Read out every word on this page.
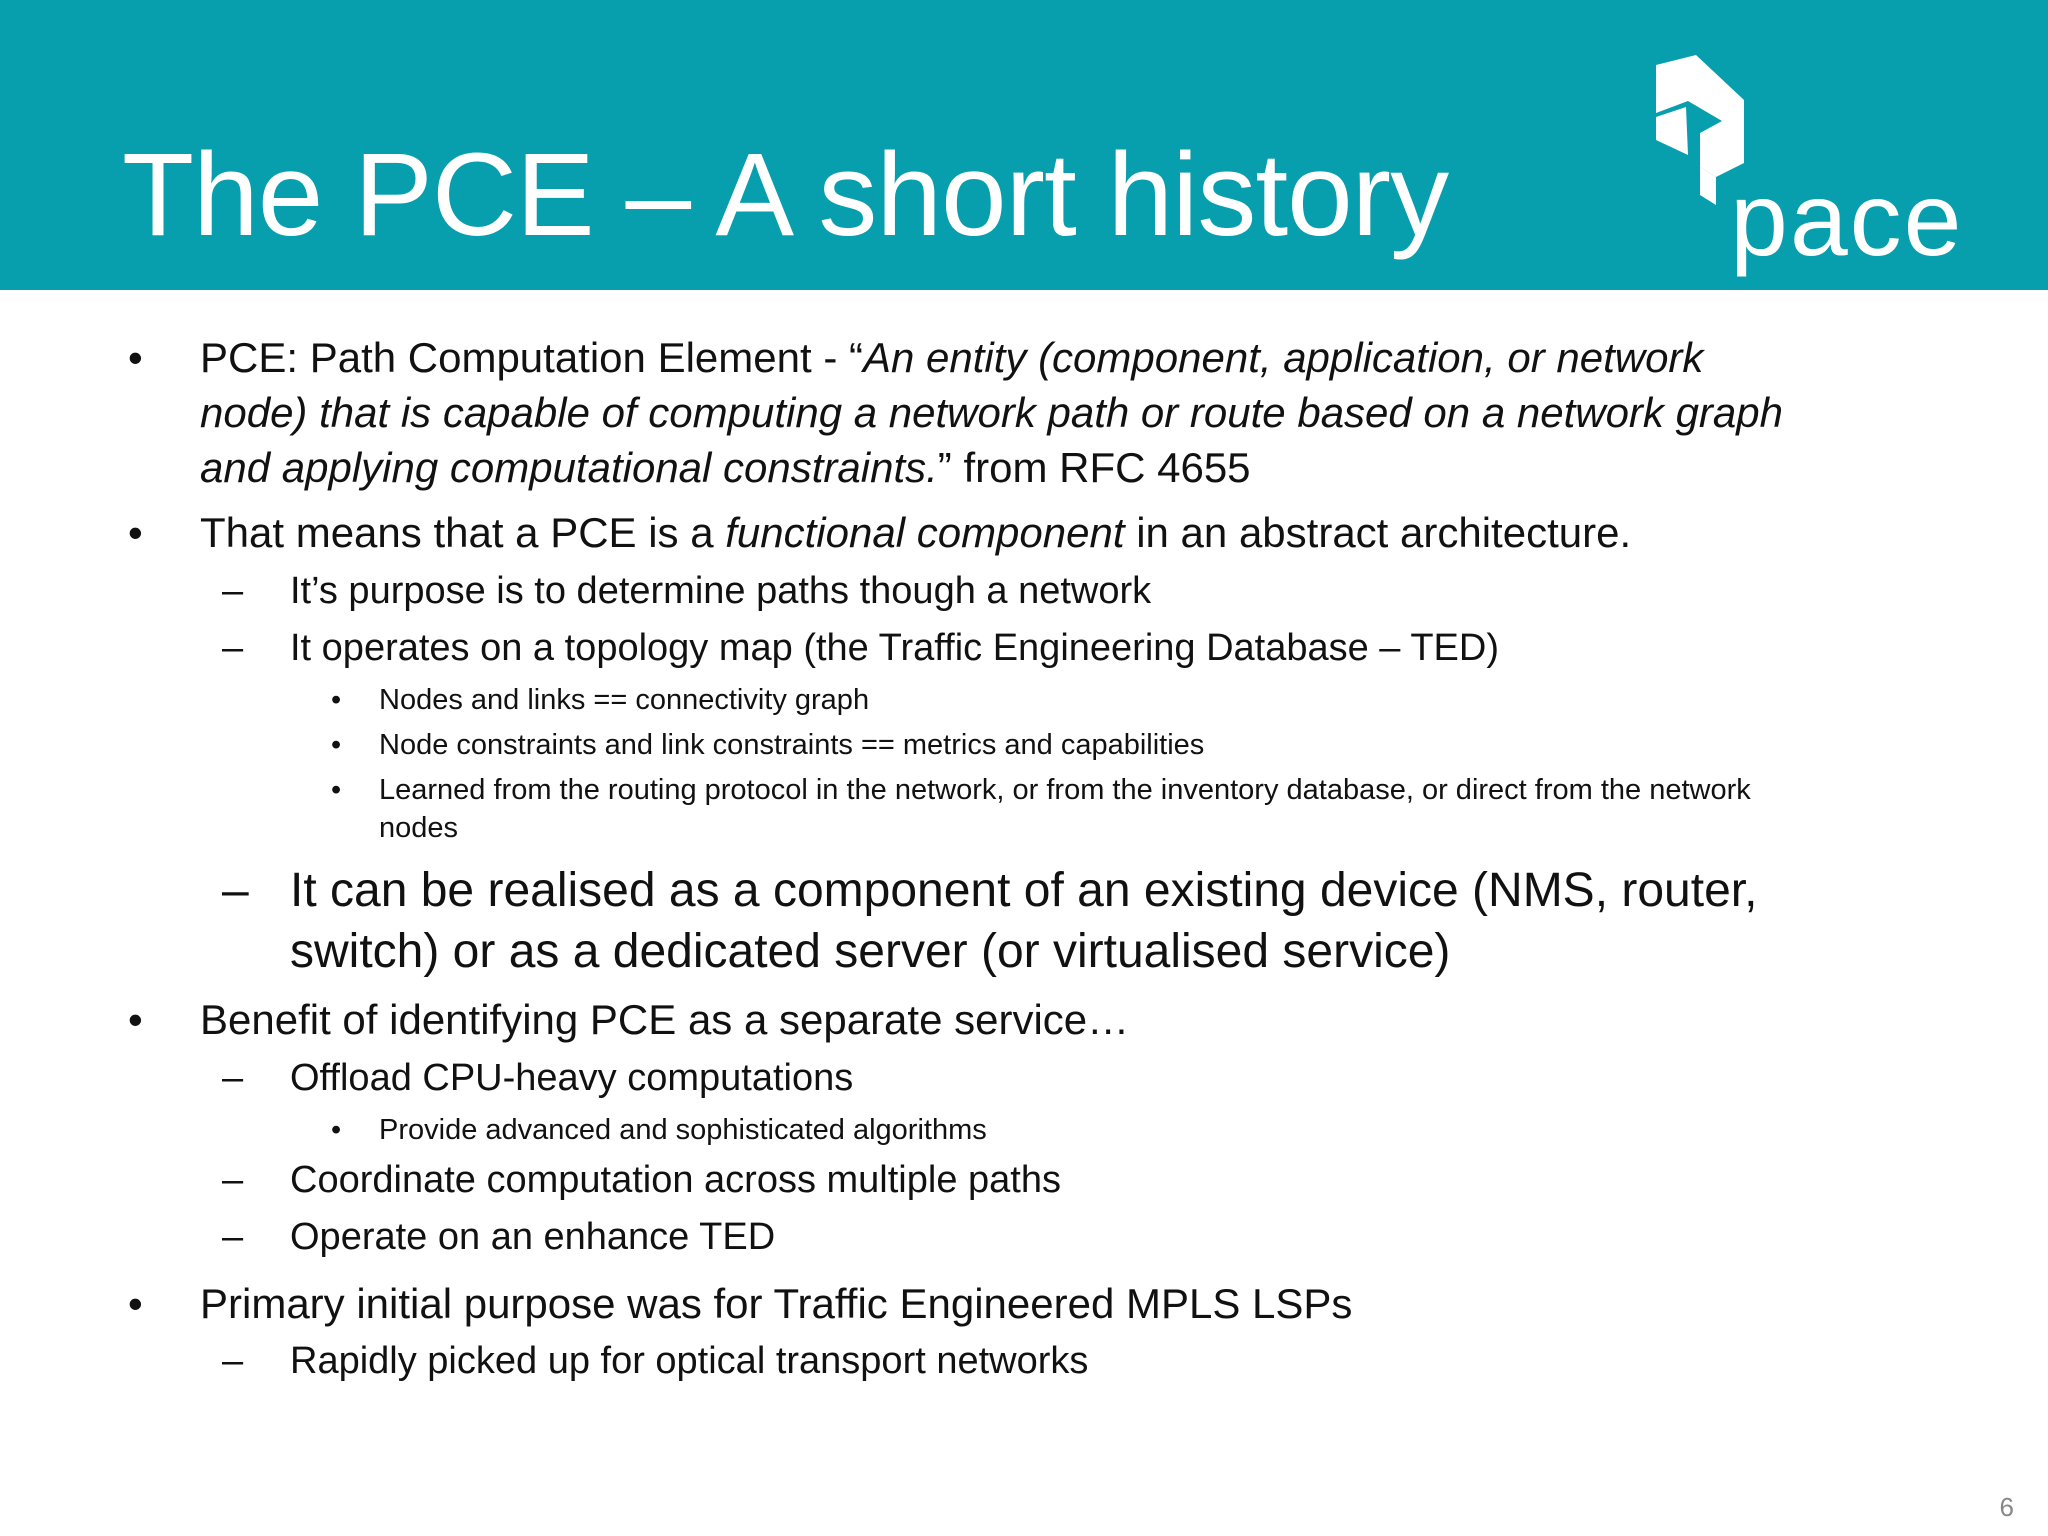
The PCE – A short history	pace
• PCE: Path Computation Element - “An entity (component, application, or network
node) that is capable of computing a network path or route based on a network graph
and applying computational constraints.” from RFC 4655
• That means that a PCE is a functional component in an abstract architecture.
– It’s purpose is to determine paths though a network
– It operates on a topology map (the Traffic Engineering Database – TED)
• Nodes and links == connectivity graph
• Node constraints and link constraints == metrics and capabilities
• Learned from the routing protocol in the network, or from the inventory database, or direct from the network
nodes
– It can be realised as a component of an existing device (NMS, router,
switch) or as a dedicated server (or virtualised service)
• Benefit of identifying PCE as a separate service…
– Offload CPU-heavy computations
• Provide advanced and sophisticated algorithms
– Coordinate computation across multiple paths
– Operate on an enhance TED
• Primary initial purpose was for Traffic Engineered MPLS LSPs
– Rapidly picked up for optical transport networks
6
